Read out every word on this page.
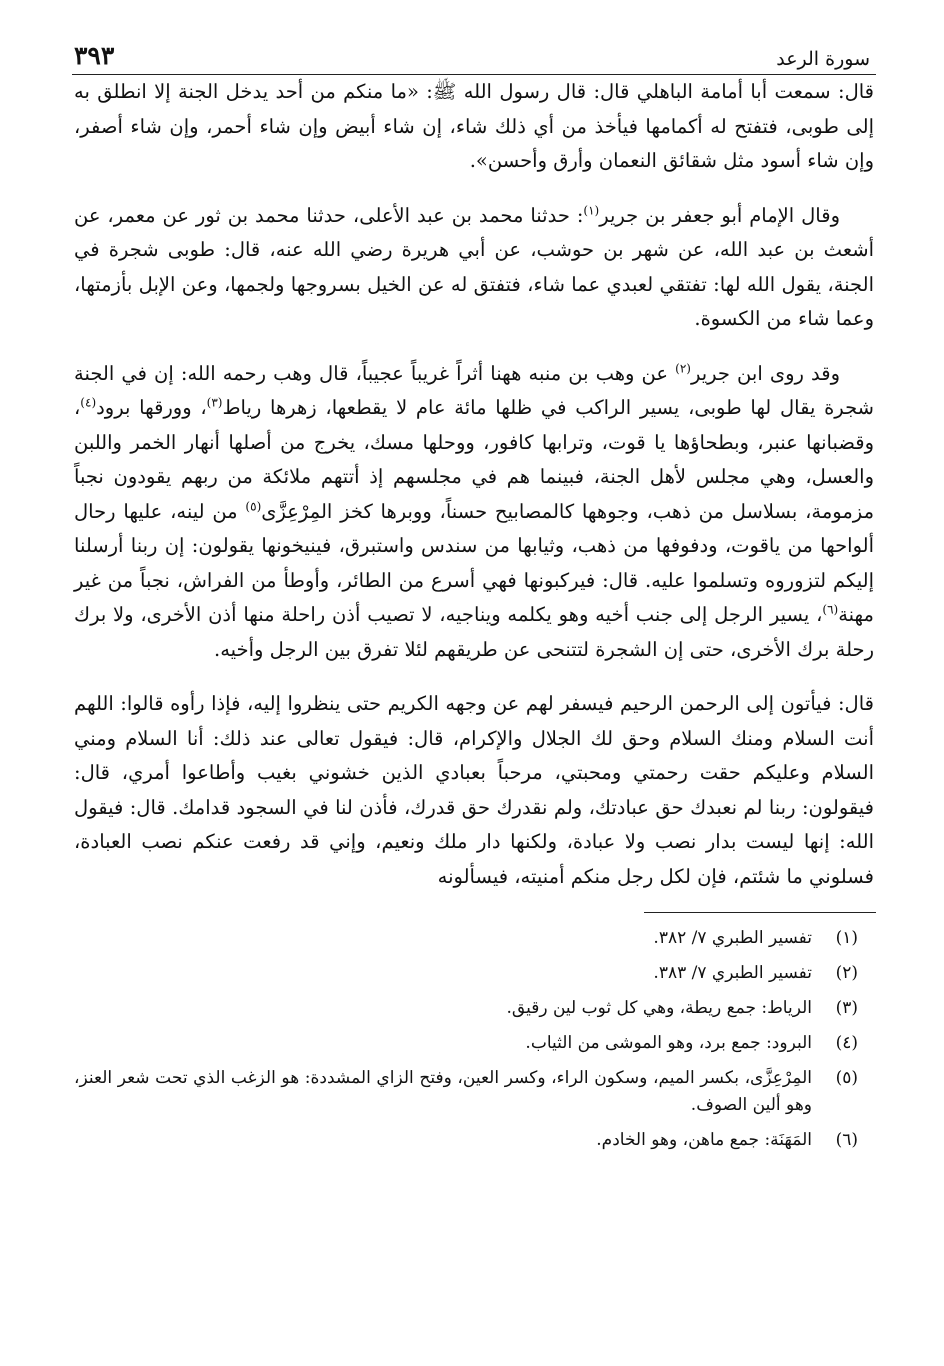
سورة الرعد
٣٩٣

قال: سمعت أبا أمامة الباهلي قال: قال رسول الله ﷺ: «ما منكم من أحد يدخل الجنة إلا انطلق به إلى طوبى، فتفتح له أكمامها فيأخذ من أي ذلك شاء، إن شاء أبيض وإن شاء أحمر، وإن شاء أصفر، وإن شاء أسود مثل شقائق النعمان وأرق وأحسن».

وقال الإمام أبو جعفر بن جرير$^{(١)}$: حدثنا محمد بن عبد الأعلى، حدثنا محمد بن ثور عن معمر، عن أشعث بن عبد الله، عن شهر بن حوشب، عن أبي هريرة رضي الله عنه، قال: طوبى شجرة في الجنة، يقول الله لها: تفتقي لعبدي عما شاء، فتفتق له عن الخيل بسروجها ولجمها، وعن الإبل بأزمتها، وعما شاء من الكسوة.

وقد روى ابن جرير$^{(٢)}$ عن وهب بن منبه ههنا أثراً غريباً عجيباً، قال وهب رحمه الله: إن في الجنة شجرة يقال لها طوبى، يسير الراكب في ظلها مائة عام لا يقطعها، زهرها رياط$^{(٣)}$، وورقها برود$^{(٤)}$، وقضبانها عنبر، وبطحاؤها يا قوت، وترابها كافور، ووحلها مسك، يخرج من أصلها أنهار الخمر واللبن والعسل، وهي مجلس لأهل الجنة، فبينما هم في مجلسهم إذ أتتهم ملائكة من ربهم يقودون نجباً مزمومة، بسلاسل من ذهب، وجوهها كالمصابيح حسناً، ووبرها كخز المِرْعِزَّى$^{(٥)}$ من لينه، عليها رحال ألواحها من ياقوت، ودفوفها من ذهب، وثيابها من سندس واستبرق، فينيخونها يقولون: إن ربنا أرسلنا إليكم لتزوروه وتسلموا عليه. قال: فيركبونها فهي أسرع من الطائر، وأوطأ من الفراش، نجباً من غير مهنة$^{(٦)}$، يسير الرجل إلى جنب أخيه وهو يكلمه ويناجيه، لا تصيب أذن راحلة منها أذن الأخرى، ولا برك رحلة برك الأخرى، حتى إن الشجرة لتتنحى عن طريقهم لئلا تفرق بين الرجل وأخيه.

قال: فيأتون إلى الرحمن الرحيم فيسفر لهم عن وجهه الكريم حتى ينظروا إليه، فإذا رأوه قالوا: اللهم أنت السلام ومنك السلام وحق لك الجلال والإكرام، قال: فيقول تعالى عند ذلك: أنا السلام ومني السلام وعليكم حقت رحمتي ومحبتي، مرحباً بعبادي الذين خشوني بغيب وأطاعوا أمري، قال: فيقولون: ربنا لم نعبدك حق عبادتك، ولم نقدرك حق قدرك، فأذن لنا في السجود قدامك. قال: فيقول الله: إنها ليست بدار نصب ولا عبادة، ولكنها دار ملك ونعيم، وإني قد رفعت عنكم نصب العبادة، فسلوني ما شئتم، فإن لكل رجل منكم أمنيته، فيسألونه

(١)
تفسير الطبري ٧/ ٣٨٢.
(٢)
تفسير الطبري ٧/ ٣٨٣.
(٣)
الرياط: جمع ريطة، وهي كل ثوب لين رقيق.
(٤)
البرود: جمع برد، وهو الموشى من الثياب.
(٥)
المِرْعِزَّى، بكسر الميم، وسكون الراء، وكسر العين، وفتح الزاي المشددة: هو الزغب الذي تحت شعر العنز، وهو ألين الصوف.
(٦)
المَهَنَة: جمع ماهن، وهو الخادم.
